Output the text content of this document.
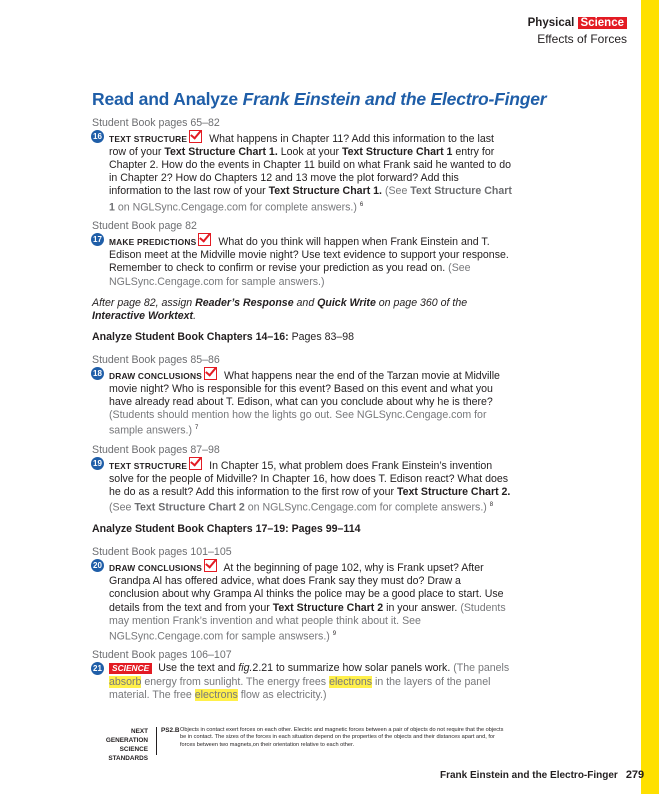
Physical Science
Effects of Forces
Read and Analyze Frank Einstein and the Electro-Finger
Student Book pages 65–82
16 TEXT STRUCTURE What happens in Chapter 11? Add this information to the last row of your Text Structure Chart 1. Look at your Text Structure Chart 1 entry for Chapter 2. How do the events in Chapter 11 build on what Frank said he wanted to do in Chapter 2? How do Chapters 12 and 13 move the plot forward? Add this information to the last row of your Text Structure Chart 1. (See Text Structure Chart 1 on NGLSync.Cengage.com for complete answers.) $^6$
Student Book page 82
17 MAKE PREDICTIONS What do you think will happen when Frank Einstein and T. Edison meet at the Midville movie night? Use text evidence to support your response. Remember to check to confirm or revise your prediction as you read on. (See NGLSync.Cengage.com for sample answers.)
After page 82, assign Reader’s Response and Quick Write on page 360 of the Interactive Worktext.
Analyze Student Book Chapters 14–16: Pages 83–98
Student Book pages 85–86
18 DRAW CONCLUSIONS What happens near the end of the Tarzan movie at Midville movie night? Who is responsible for this event? Based on this event and what you have already read about T. Edison, what can you conclude about why he is there? (Students should mention how the lights go out. See NGLSync.Cengage.com for sample answers.) $^7$
Student Book pages 87–98
19 TEXT STRUCTURE In Chapter 15, what problem does Frank Einstein’s invention solve for the people of Midville? In Chapter 16, how does T. Edison react? What does he do as a result? Add this information to the first row of your Text Structure Chart 2. (See Text Structure Chart 2 on NGLSync.Cengage.com for complete answers.) $^8$
Analyze Student Book Chapters 17–19: Pages 99–114
Student Book pages 101–105
20 DRAW CONCLUSIONS At the beginning of page 102, why is Frank upset? After Grandpa Al has offered advice, what does Frank say they must do? Draw a conclusion about why Grampa Al thinks the police may be a good place to start. Use details from the text and from your Text Structure Chart 2 in your answer. (Students may mention Frank’s invention and what people think about it. See NGLSync.Cengage.com for sample answsers.) $^9$
Student Book pages 106–107
21 SCIENCE Use the text and fig.2.21 to summarize how solar panels work. (The panels absorb energy from sunlight. The energy frees electrons in the layers of the panel material. The free electrons flow as electricity.)
NEXT GENERATION
SCIENCE
STANDARDS
PS2.B Objects in contact exert forces on each other. Electric and magnetic forces between a pair of objects do not require that the objects be in contact. The sizes of the forces in each situation depend on the properties of the objects and their distances apart and, for forces between two magnets,on their orientation relative to each other.
Frank Einstein and the Electro-Finger 279
